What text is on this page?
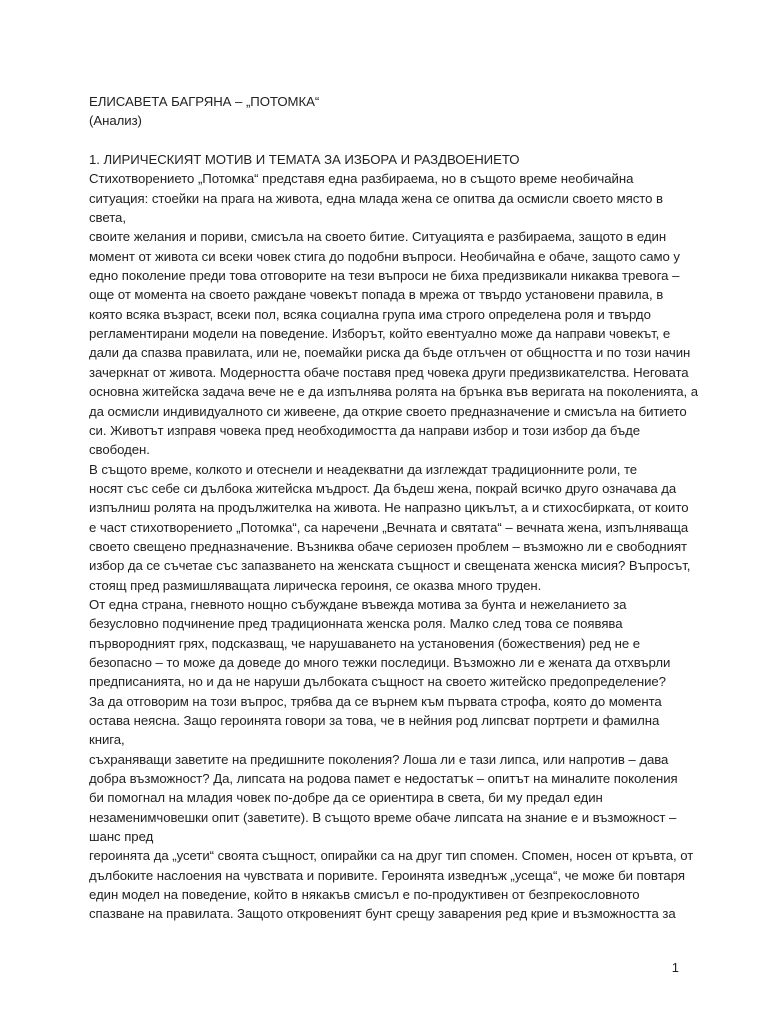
ЕЛИСАВЕТА БАГРЯНА – „ПОТОМКА“
(Анализ)
1. ЛИРИЧЕСКИЯТ МОТИВ И ТЕМАТА ЗА ИЗБОРА И РАЗДВОЕНИЕТО
Стихотворението „Потомка“ представя една разбираема, но в същото време необичайна
ситуация: стоейки на прага на живота, една млада жена се опитва да осмисли своето място в
света,
своите желания и пориви, смисъла на своето битие. Ситуацията е разбираема, защото в един
момент от живота си всеки човек стига до подобни въпроси. Необичайна е обаче, защото само у
едно поколение преди това отговорите на тези въпроси не биха предизвикали никаква тревога –
още от момента на своето раждане човекът попада в мрежа от твърдо установени правила, в
която всяка възраст, всеки пол, всяка социална група има строго определена роля и твърдо
регламентирани модели на поведение. Изборът, който евентуално може да направи човекът, е
дали да спазва правилата, или не, поемайки риска да бъде отлъчен от общността и по този начин
зачеркнат от живота. Модерността обаче поставя пред човека други предизвикателства. Неговата
основна житейска задача вече не е да изпълнява ролята на брънка във веригата на поколенията, а
да осмисли индивидуалното си живеене, да открие своето предназначение и смисъла на битието
си. Животът изправя човека пред необходимостта да направи избор и този избор да бъде
свободен.
В същото време, колкото и отеснели и неадекватни да изглеждат традиционните роли, те
носят със себе си дълбока житейска мъдрост. Да бъдеш жена, покрай всичко друго означава да
изпълниш ролята на продължителка на живота. Не напразно цикълът, а и стихосбирката, от които
е част стихотворението „Потомка“, са наречени „Вечната и святата“ – вечната жена, изпълняваща
своето свещено предназначение. Възниква обаче сериозен проблем – възможно ли е свободният
избор да се съчетае със запазването на женската същност и свещената женска мисия? Въпросът,
стоящ пред размишляващата лирическа героиня, се оказва много труден.
От една страна, гневното нощно събуждане въвежда мотива за бунта и нежеланието за
безусловно подчинение пред традиционната женска роля. Малко след това се появява
първородният грях, подсказващ, че нарушаването на установения (божествения) ред не е
безопасно – то може да доведе до много тежки последици. Възможно ли е жената да отхвърли
предписанията, но и да не наруши дълбоката същност на своето житейско предопределение?
За да отговорим на този въпрос, трябва да се върнем към първата строфа, която до момента
остава неясна. Защо героинята говори за това, че в нейния род липсват портрети и фамилна
книга,
съхраняващи заветите на предишните поколения? Лоша ли е тази липса, или напротив – дава
добра възможност? Да, липсата на родова памет е недостатък – опитът на миналите поколения
би помогнал на младия човек по-добре да се ориентира в света, би му предал един
незаменимчовешки опит (заветите). В същото време обаче липсата на знание е и възможност –
шанс пред
героинята да „усети“ своята същност, опирайки са на друг тип спомен. Спомен, носен от кръвта, от
дълбоките наслоения на чувствата и поривите. Героинята изведнъж „усеща“, че може би повтаря
един модел на поведение, който в някакъв смисъл е по-продуктивен от безпрекословното
спазване на правилата. Защото откровеният бунт срещу заварения ред крие и възможността за
1
